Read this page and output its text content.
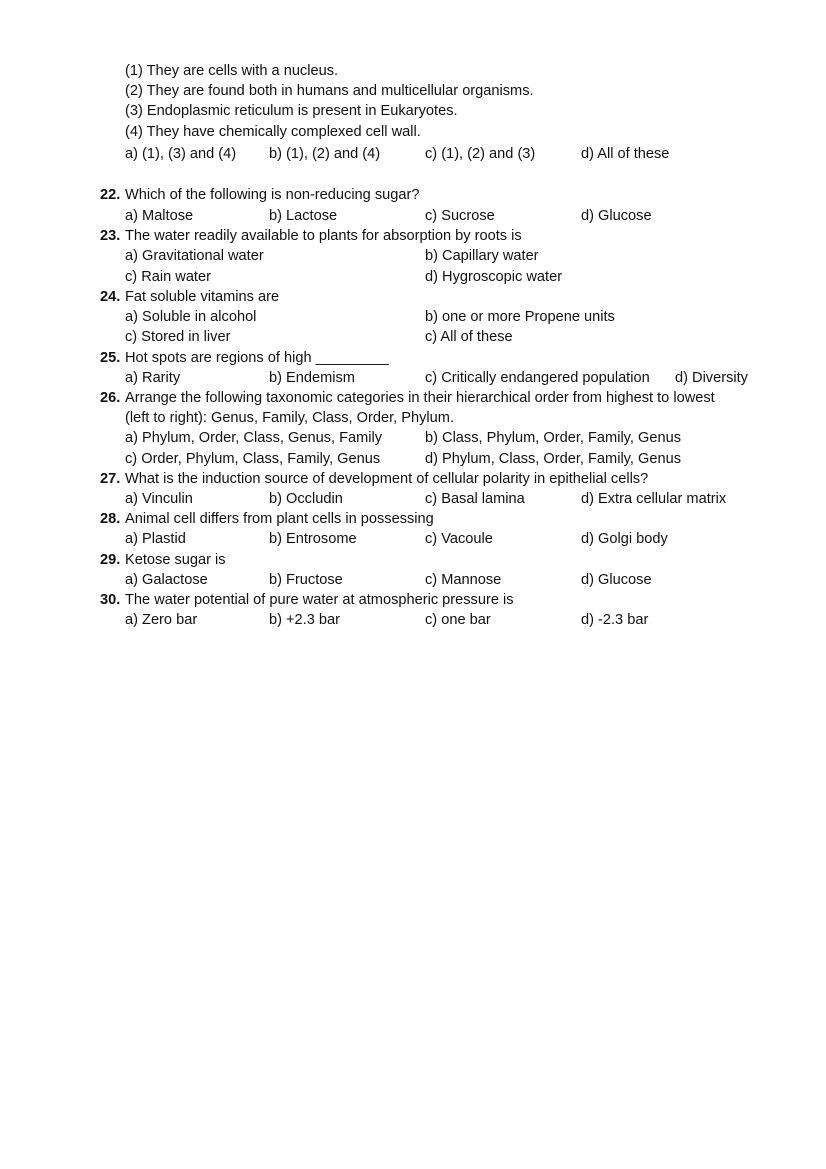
(1) They are cells with a nucleus.
(2) They are found both in humans and multicellular organisms.
(3) Endoplasmic reticulum is present in Eukaryotes.
(4) They have chemically complexed cell wall.
a) (1), (3) and (4) b) (1), (2) and (4)	c) (1), (2) and (3)	d) All of these
22. Which of the following is non-reducing sugar?
a) Maltose	b) Lactose	c) Sucrose	d) Glucose
23. The water readily available to plants for absorption by roots is
a) Gravitational water	b) Capillary water
c) Rain water	d) Hygroscopic water
24. Fat soluble vitamins are
a) Soluble in alcohol	b) one or more Propene units
c) Stored in liver	c) All of these
25. Hot spots are regions of high _________
a) Rarity	b) Endemism	c) Critically endangered population d) Diversity
26. Arrange the following taxonomic categories in their hierarchical order from highest to lowest
(left to right): Genus, Family, Class, Order, Phylum.
a) Phylum, Order, Class, Genus, Family	b) Class, Phylum, Order, Family, Genus
c) Order, Phylum, Class, Family, Genus	d) Phylum, Class, Order, Family, Genus
27. What is the induction source of development of cellular polarity in epithelial cells?
a) Vinculin	b) Occludin	c) Basal lamina	d) Extra cellular matrix
28. Animal cell differs from plant cells in possessing
a) Plastid	b) Entrosome	c) Vacoule	d) Golgi body
29. Ketose sugar is
a) Galactose	b) Fructose	c) Mannose	d) Glucose
30. The water potential of pure water at atmospheric pressure is
a) Zero bar	b) +2.3 bar	c) one bar	d) -2.3 bar
